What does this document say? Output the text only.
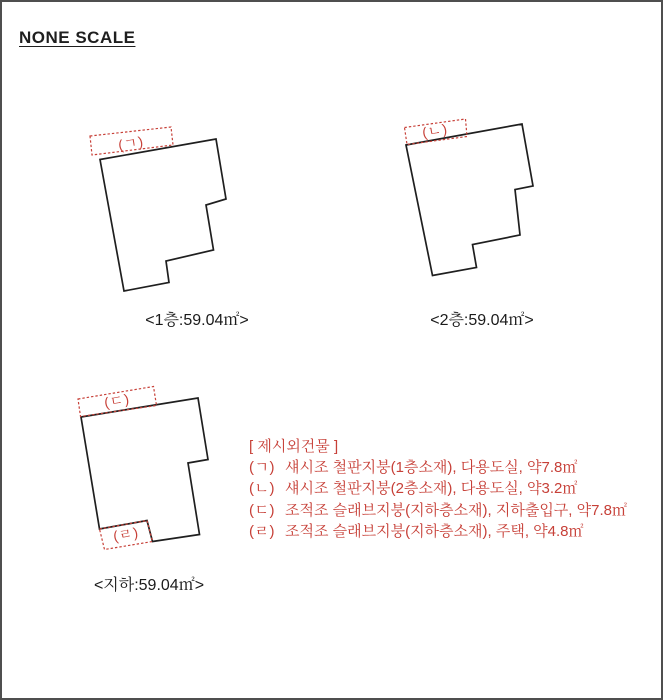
NONE SCALE
(ㄱ)
(ㄴ)
(ㄷ)
(ㄹ)
<1층:59.04㎡>	<2층:59.04㎡>
<지하:59.04㎡>
[ 제시외건물 ]
(ㄱ) 섀시조 철판지붕(1층소재), 다용도실, 약7.8㎡
(ㄴ) 섀시조 철판지붕(2층소재), 다용도실, 약3.2㎡
(ㄷ) 조적조 슬래브지붕(지하층소재), 지하출입구, 약7.8㎡
(ㄹ) 조적조 슬래브지붕(지하층소재), 주택, 약4.8㎡
